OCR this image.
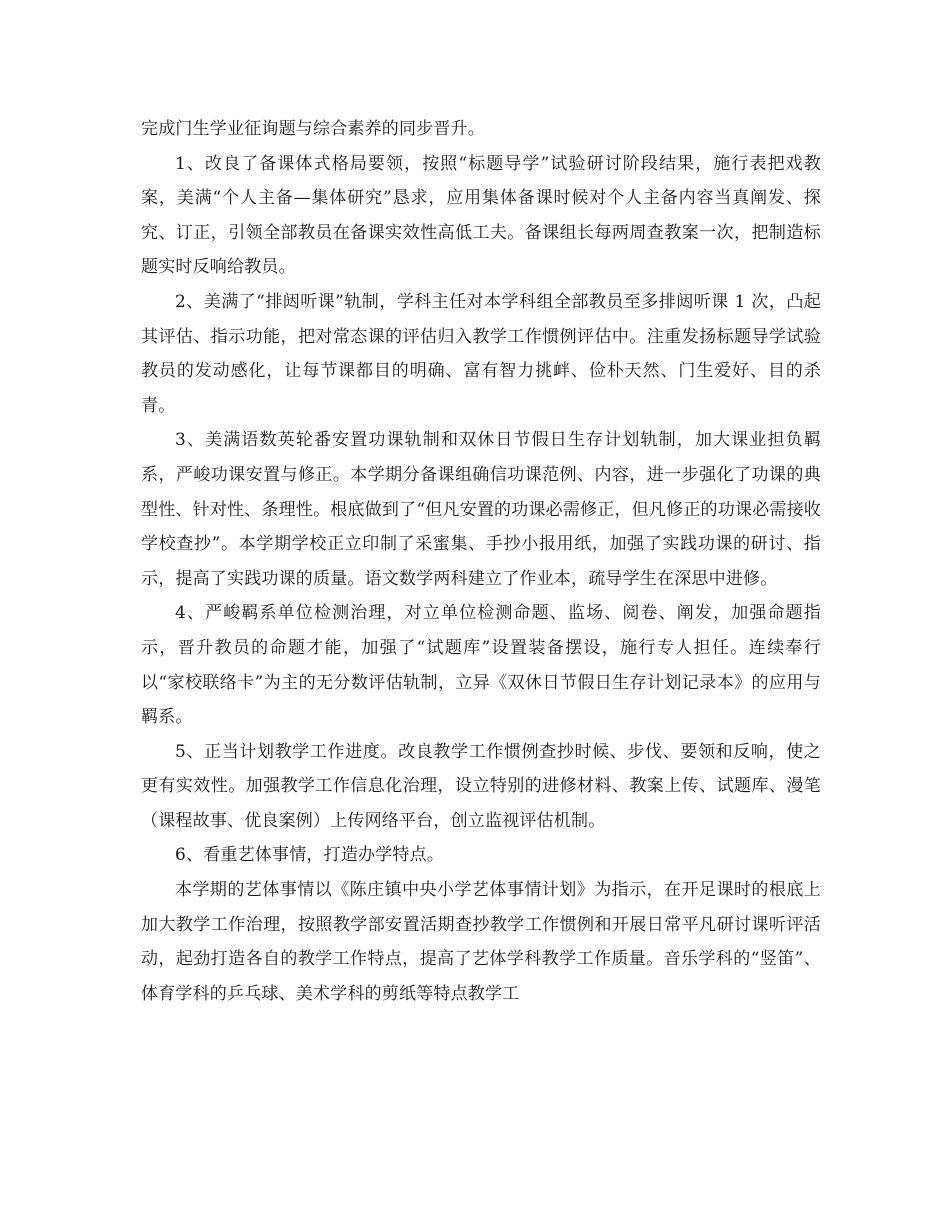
完成门生学业征询题与综合素养的同步晋升。

1、改良了备课体式格局要领，按照“标题导学”试验研讨阶段结果，施行表把戏教案，美满“个人主备—集体研究”恳求，应用集体备课时候对个人主备内容当真阐发、探究、订正，引领全部教员在备课实效性高低工夫。备课组长每两周查教案一次，把制造标题实时反响给教员。

2、美满了“排闼听课”轨制，学科主任对本学科组全部教员至多排闼听课 1 次，凸起其评估、指示功能，把对常态课的评估归入教学工作惯例评估中。注重发扬标题导学试验教员的发动感化，让每节课都目的明确、富有智力挑衅、俭朴天然、门生爱好、目的杀青。

3、美满语数英轮番安置功课轨制和双休日节假日生存计划轨制，加大课业担负羁系，严峻功课安置与修正。本学期分备课组确信功课范例、内容，进一步强化了功课的典型性、针对性、条理性。根底做到了“但凡安置的功课必需修正，但凡修正的功课必需接收学校查抄”。本学期学校正立印制了采蜜集、手抄小报用纸，加强了实践功课的研讨、指示，提高了实践功课的质量。语文数学两科建立了作业本，疏导学生在深思中进修。

4、严峻羁系单位检测治理，对立单位检测命题、监场、阅卷、阐发，加强命题指示，晋升教员的命题才能，加强了“试题库”设置装备摆设，施行专人担任。连续奉行以“家校联络卡”为主的无分数评估轨制，立异《双休日节假日生存计划记录本》的应用与羁系。

5、正当计划教学工作进度。改良教学工作惯例查抄时候、步伐、要领和反响，使之更有实效性。加强教学工作信息化治理，设立特别的进修材料、教案上传、试题库、漫笔（课程故事、优良案例）上传网络平台，创立监视评估机制。

6、看重艺体事情，打造办学特点。

本学期的艺体事情以《陈庄镇中央小学艺体事情计划》为指示，在开足课时的根底上加大教学工作治理，按照教学部安置活期查抄教学工作惯例和开展日常平凡研讨课听评活动，起劲打造各自的教学工作特点，提高了艺体学科教学工作质量。音乐学科的“竖笛”、体育学科的乒乓球、美术学科的剪纸等特点教学工
